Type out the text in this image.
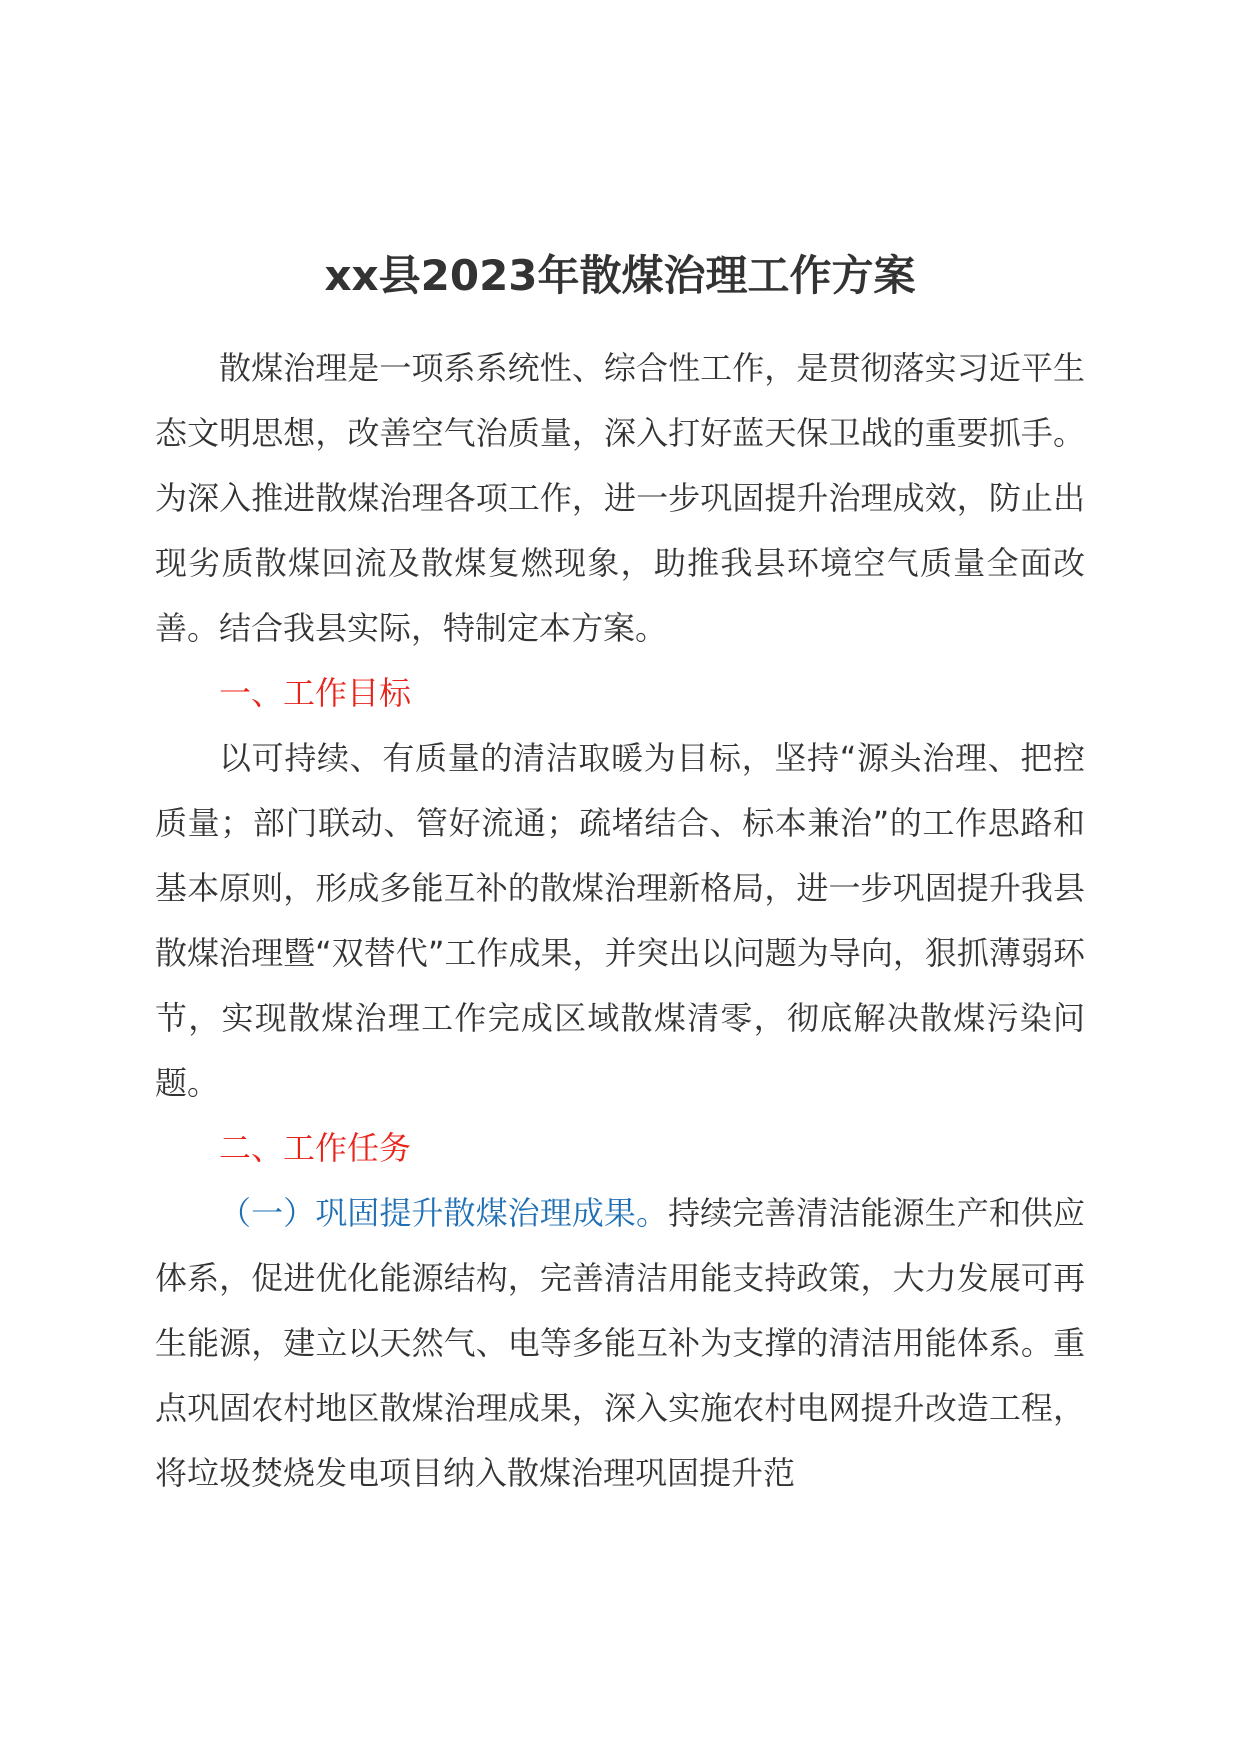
xx县2023年散煤治理工作方案

散煤治理是一项系系统性、综合性工作，是贯彻落实习近平生态文明思想，改善空气治质量，深入打好蓝天保卫战的重要抓手。为深入推进散煤治理各项工作，进一步巩固提升治理成效，防止出现劣质散煤回流及散煤复燃现象，助推我县环境空气质量全面改善。结合我县实际，特制定本方案。

一、工作目标

以可持续、有质量的清洁取暖为目标，坚持“源头治理、把控质量；部门联动、管好流通；疏堵结合、标本兼治”的工作思路和基本原则，形成多能互补的散煤治理新格局，进一步巩固提升我县散煤治理暨“双替代”工作成果，并突出以问题为导向，狠抓薄弱环节，实现散煤治理工作完成区域散煤清零，彻底解决散煤污染问题。

二、工作任务

（一）巩固提升散煤治理成果。持续完善清洁能源生产和供应体系，促进优化能源结构，完善清洁用能支持政策，大力发展可再生能源，建立以天然气、电等多能互补为支撑的清洁用能体系。重点巩固农村地区散煤治理成果，深入实施农村电网提升改造工程，将垃圾焚烧发电项目纳入散煤治理巩固提升范
